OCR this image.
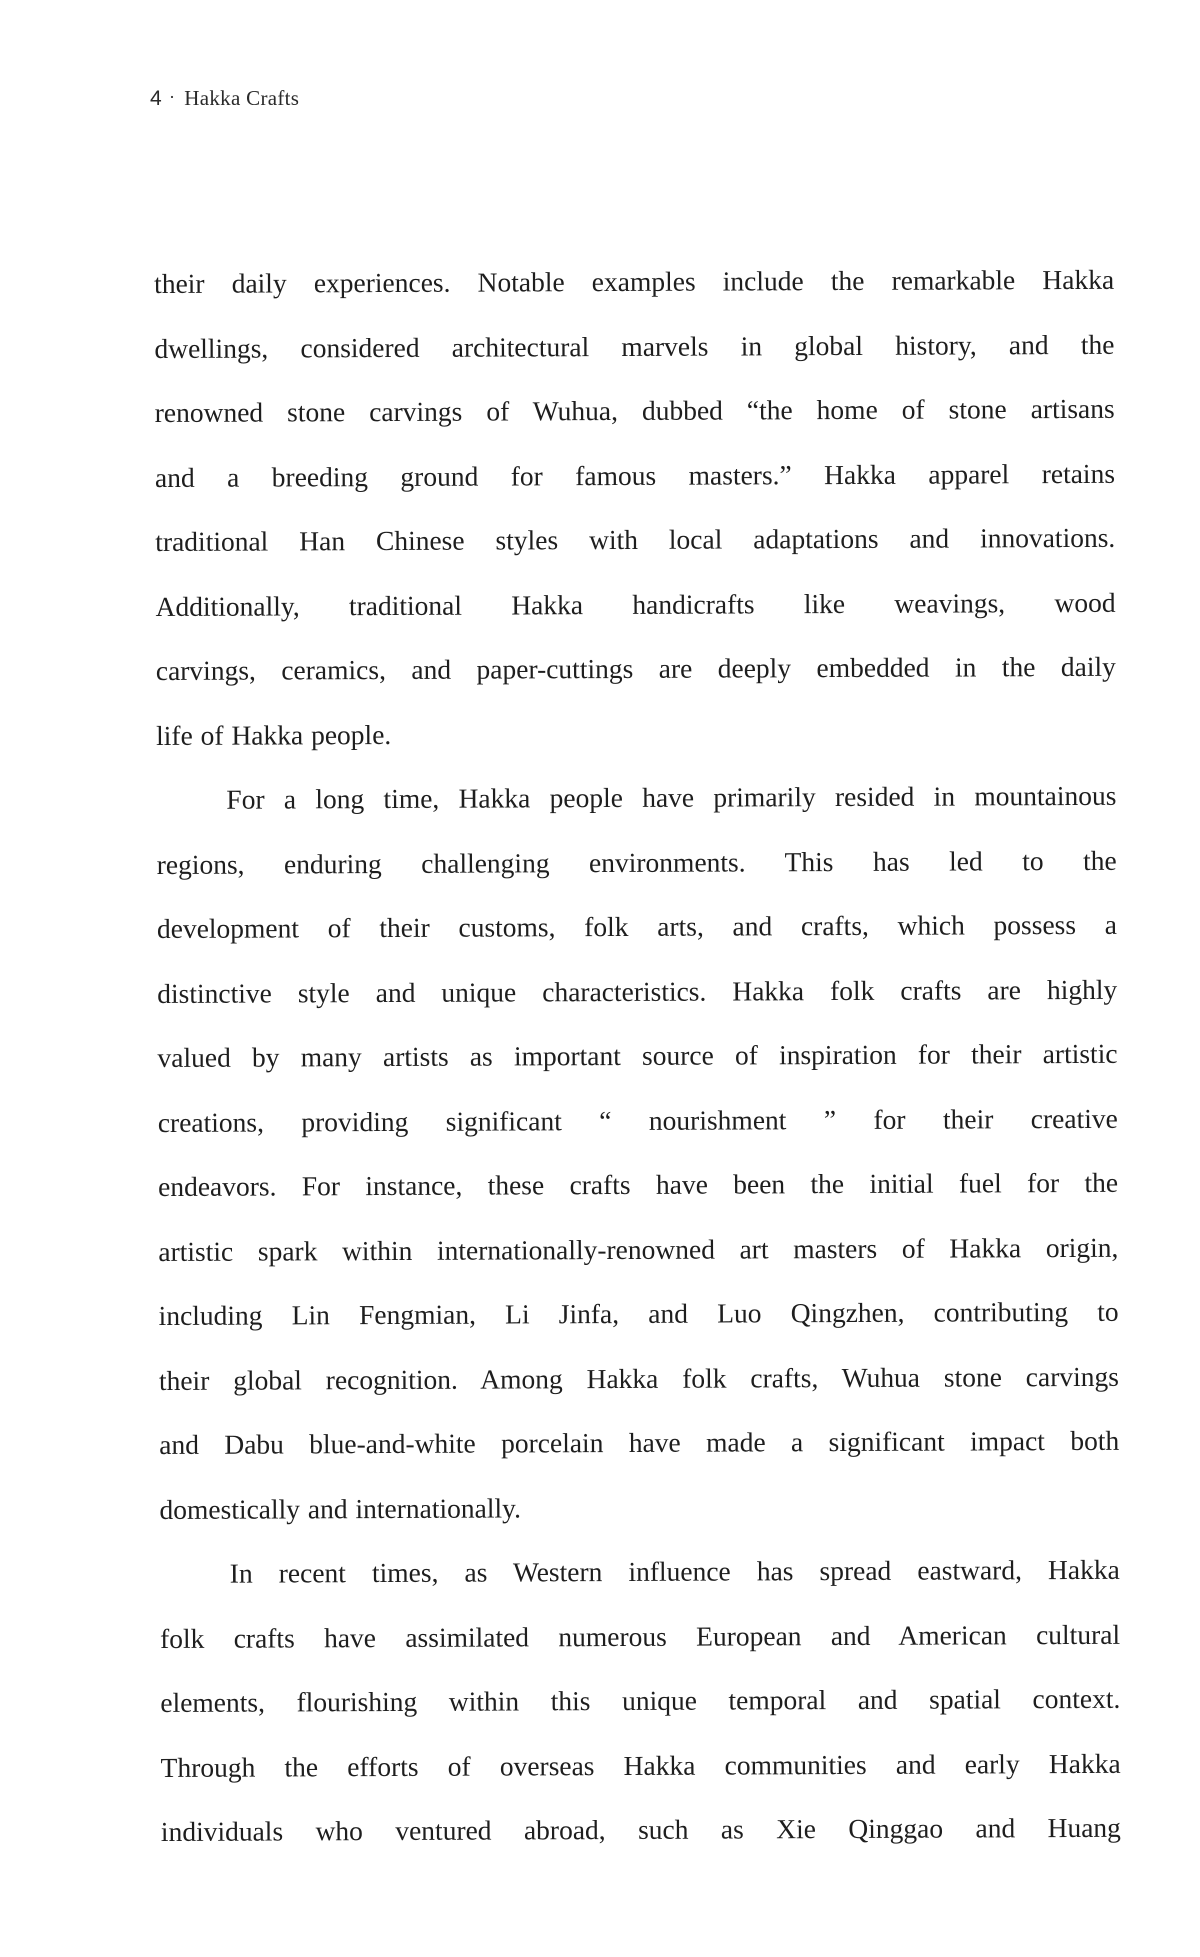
4 · Hakka Crafts
their daily experiences. Notable examples include the remarkable Hakka
dwellings, considered architectural marvels in global history, and the
renowned stone carvings of Wuhua, dubbed “the home of stone artisans
and a breeding ground for famous masters.” Hakka apparel retains
traditional Han Chinese styles with local adaptations and innovations.
Additionally, traditional Hakka handicrafts like weavings, wood
carvings, ceramics, and paper-cuttings are deeply embedded in the daily
life of Hakka people.
For a long time, Hakka people have primarily resided in mountainous
regions, enduring challenging environments. This has led to the
development of their customs, folk arts, and crafts, which possess a
distinctive style and unique characteristics. Hakka folk crafts are highly
valued by many artists as important source of inspiration for their artistic
creations, providing significant “ nourishment ” for their creative
endeavors. For instance, these crafts have been the initial fuel for the
artistic spark within internationally-renowned art masters of Hakka origin,
including Lin Fengmian, Li Jinfa, and Luo Qingzhen, contributing to
their global recognition. Among Hakka folk crafts, Wuhua stone carvings
and Dabu blue-and-white porcelain have made a significant impact both
domestically and internationally.
In recent times, as Western influence has spread eastward, Hakka
folk crafts have assimilated numerous European and American cultural
elements, flourishing within this unique temporal and spatial context.
Through the efforts of overseas Hakka communities and early Hakka
individuals who ventured abroad, such as Xie Qinggao and Huang
